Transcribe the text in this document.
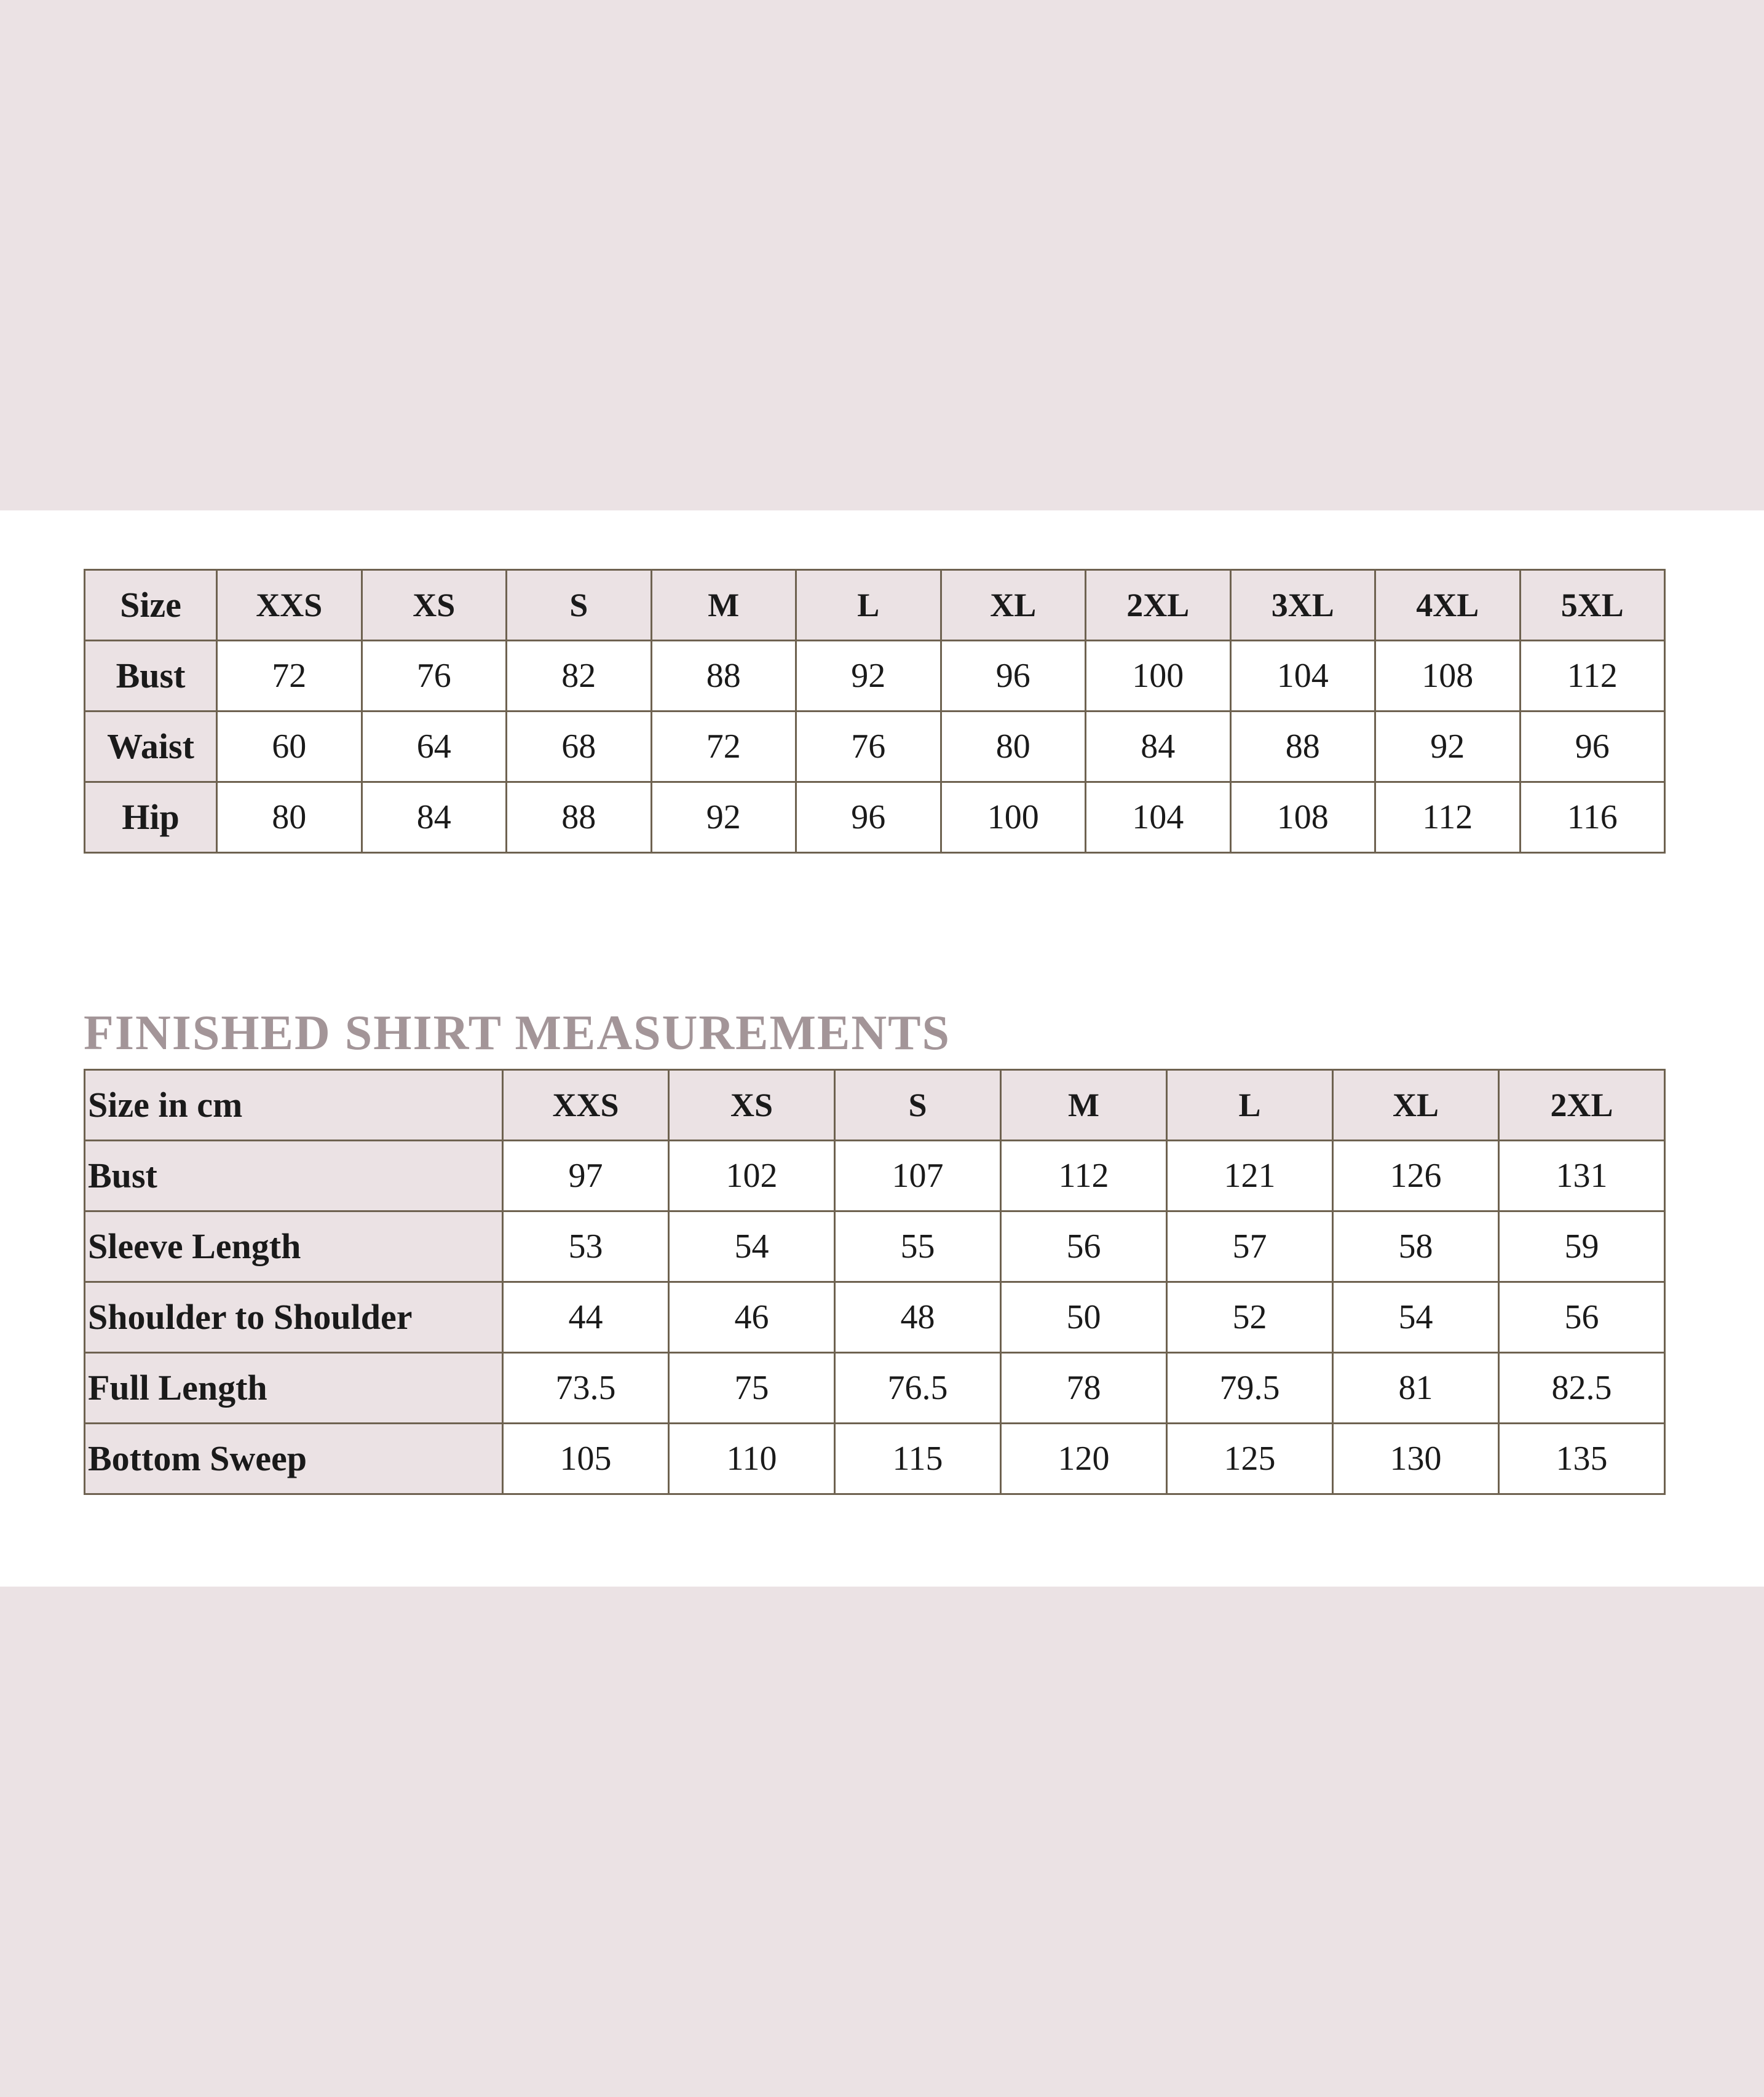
Size	XXS	XS	S	M	L	XL	2XL	3XL	4XL	5XL
Bust	72	76	82	88	92	96	100	104	108	112
Waist	60	64	68	72	76	80	84	88	92	96
Hip	80	84	88	92	96	100	104	108	112	116
FINISHED SHIRT MEASUREMENTS
Size in cm	XXS	XS	S	M	L	XL	2XL
Bust	97	102	107	112	121	126	131
Sleeve Length	53	54	55	56	57	58	59
Shoulder to Shoulder	44	46	48	50	52	54	56
Full Length	73.5	75	76.5	78	79.5	81	82.5
Bottom Sweep	105	110	115	120	125	130	135
